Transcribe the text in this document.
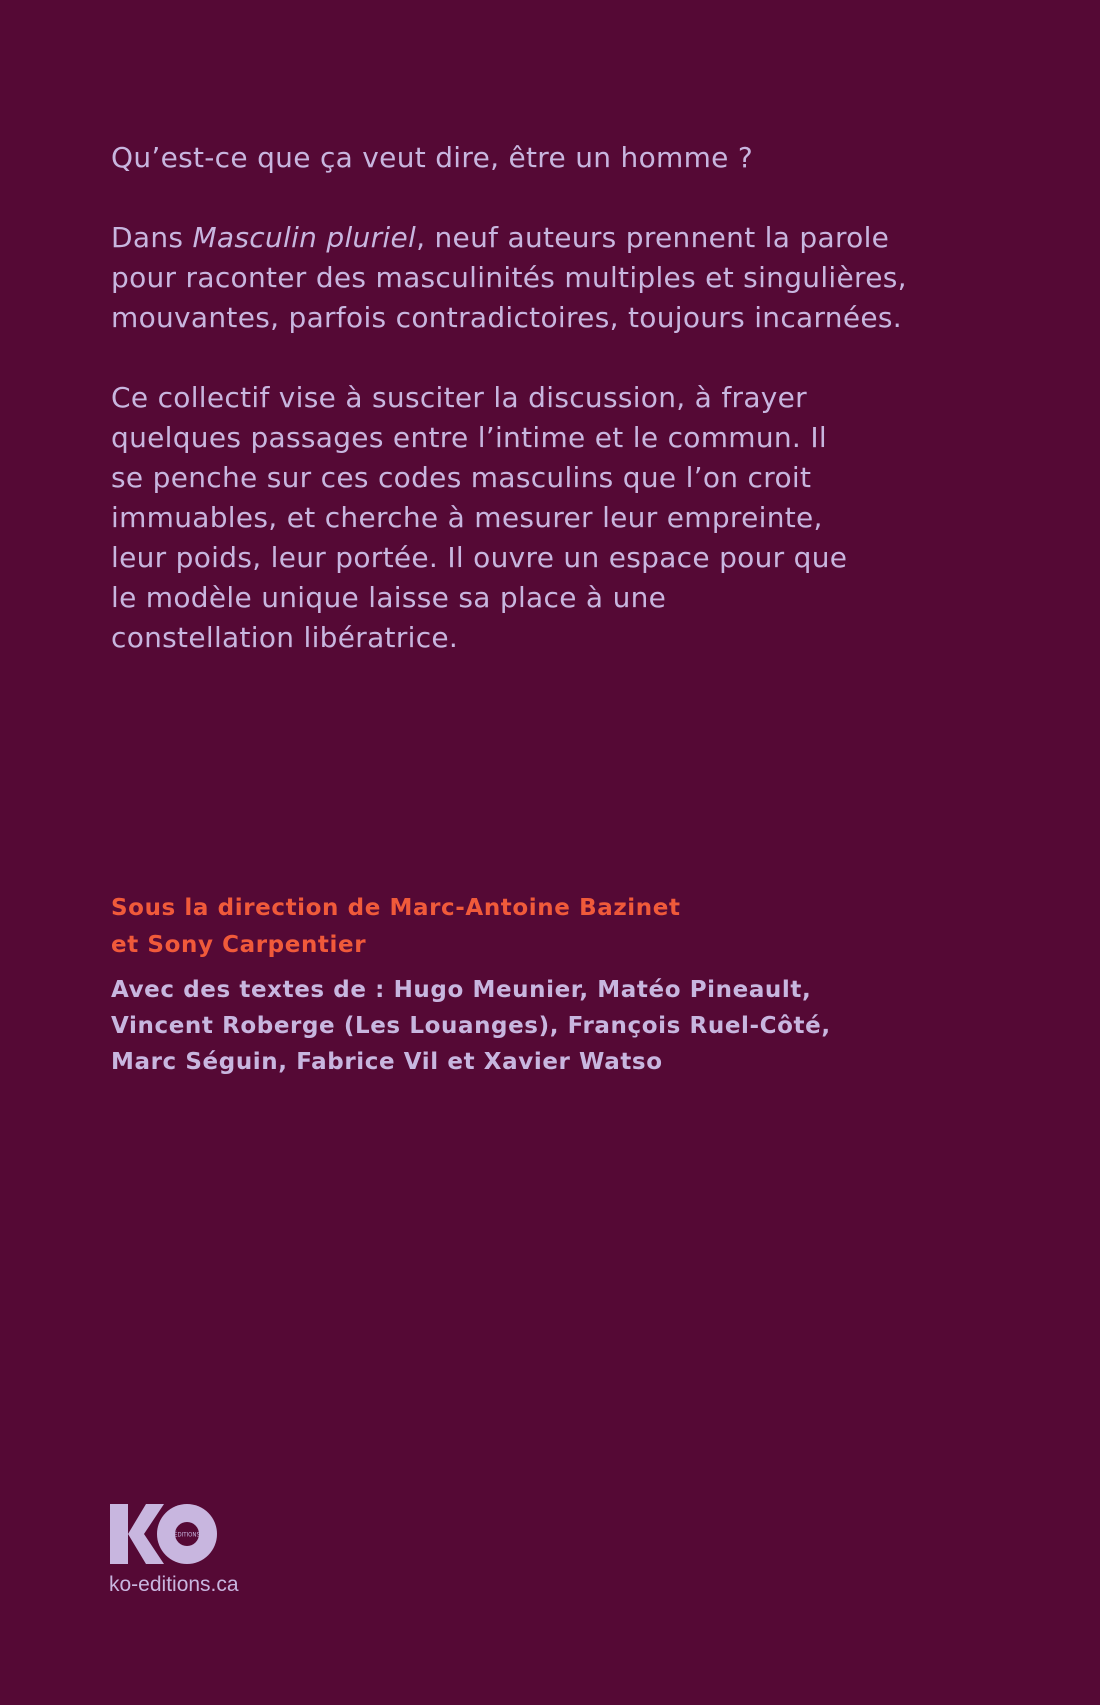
Qu’est-ce que ça veut dire, être un homme ?

Dans Masculin pluriel, neuf auteurs prennent la parole pour raconter des masculinités multiples et singulières, mouvantes, parfois contradictoires, toujours incarnées.

Ce collectif vise à susciter la discussion, à frayer quelques passages entre l’intime et le commun. Il se penche sur ces codes masculins que l’on croit immuables, et cherche à mesurer leur empreinte, leur poids, leur portée. Il ouvre un espace pour que le modèle unique laisse sa place à une constellation libératrice.

Sous la direction de Marc-Antoine Bazinet
et Sony Carpentier
Avec des textes de : Hugo Meunier, Matéo Pineault,
Vincent Roberge (Les Louanges), François Ruel-Côté,
Marc Séguin, Fabrice Vil et Xavier Watso
ÉDITIONS
ko-editions.ca
